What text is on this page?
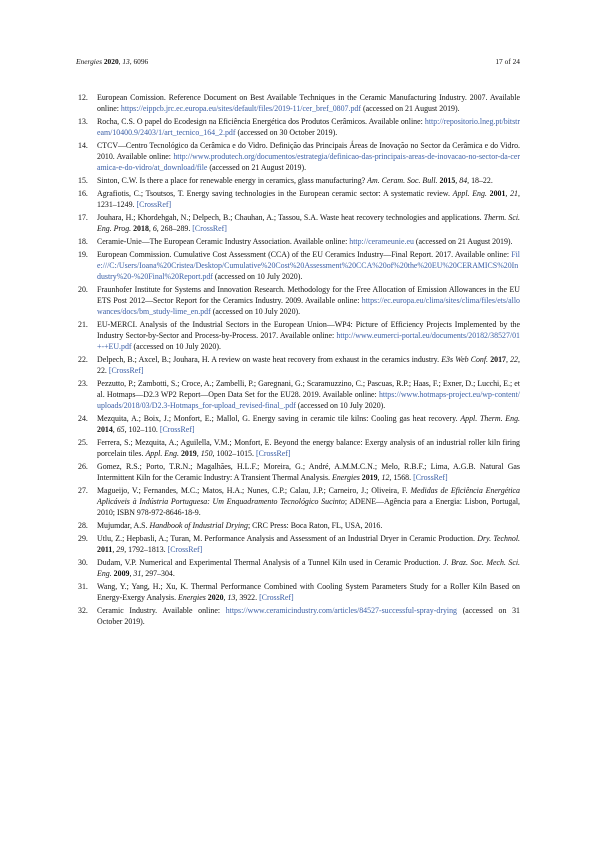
Energies 2020, 13, 6096	17 of 24
12.	European Comission. Reference Document on Best Available Techniques in the Ceramic Manufacturing Industry. 2007. Available online: https://eippcb.jrc.ec.europa.eu/sites/default/files/2019-11/cer_bref_0807.pdf (accessed on 21 August 2019).
13.	Rocha, C.S. O papel do Ecodesign na Eficiência Energética dos Produtos Cerâmicos. Available online: http://repositorio.lneg.pt/bitstream/10400.9/2403/1/art_tecnico_164_2.pdf (accessed on 30 October 2019).
14.	CTCV—Centro Tecnológico da Cerâmica e do Vidro. Definição das Principais Áreas de Inovação no Sector da Cerâmica e do Vidro. 2010. Available online: http://www.produtech.org/documentos/estrategia/definicao-das-principais-areas-de-inovacao-no-sector-da-ceramica-e-do-vidro/at_download/file (accessed on 21 August 2019).
15.	Sinton, C.W. Is there a place for renewable energy in ceramics, glass manufacturing? Am. Ceram. Soc. Bull. 2015, 84, 18–22.
16.	Agrafiotis, C.; Tsoutsos, T. Energy saving technologies in the European ceramic sector: A systematic review. Appl. Eng. 2001, 21, 1231–1249. [CrossRef]
17.	Jouhara, H.; Khordehgah, N.; Delpech, B.; Chauhan, A.; Tassou, S.A. Waste heat recovery technologies and applications. Therm. Sci. Eng. Prog. 2018, 6, 268–289. [CrossRef]
18.	Ceramie-Unie—The European Ceramic Industry Association. Available online: http://cerameunie.eu (accessed on 21 August 2019).
19.	European Commission. Cumulative Cost Assessment (CCA) of the EU Ceramics Industry—Final Report. 2017. Available online: File:///C:/Users/Ioana%20Cristea/Desktop/Cumulative%20Cost%20Assessment%20CCA%20of%20the%20EU%20CERAMICS%20Industry%20-%20Final%20Report.pdf (accessed on 10 July 2020).
20.	Fraunhofer Institute for Systems and Innovation Research. Methodology for the Free Allocation of Emission Allowances in the EU ETS Post 2012—Sector Report for the Ceramics Industry. 2009. Available online: https://ec.europa.eu/clima/sites/clima/files/ets/allowances/docs/bm_study-lime_en.pdf (accessed on 10 July 2020).
21.	EU-MERCI. Analysis of the Industrial Sectors in the European Union—WP4: Picture of Efficiency Projects Implemented by the Industry Sector-by-Sector and Process-by-Process. 2017. Available online: http://www.eumerci-portal.eu/documents/20182/38527/01+-+EU.pdf (accessed on 10 July 2020).
22.	Delpech, B.; Axcel, B.; Jouhara, H. A review on waste heat recovery from exhaust in the ceramics industry. E3s Web Conf. 2017, 22, 22. [CrossRef]
23.	Pezzutto, P.; Zambotti, S.; Croce, A.; Zambelli, P.; Garegnani, G.; Scaramuzzino, C.; Pascuas, R.P.; Haas, F.; Exner, D.; Lucchi, E.; et al. Hotmaps—D2.3 WP2 Report—Open Data Set for the EU28. 2019. Available online: https://www.hotmaps-project.eu/wp-content/uploads/2018/03/D2.3-Hotmaps_for-upload_revised-final_.pdf (accessed on 10 July 2020).
24.	Mezquita, A.; Boix, J.; Monfort, E.; Mallol, G. Energy saving in ceramic tile kilns: Cooling gas heat recovery. Appl. Therm. Eng. 2014, 65, 102–110. [CrossRef]
25.	Ferrera, S.; Mezquita, A.; Aguilella, V.M.; Monfort, E. Beyond the energy balance: Exergy analysis of an industrial roller kiln firing porcelain tiles. Appl. Eng. 2019, 150, 1002–1015. [CrossRef]
26.	Gomez, R.S.; Porto, T.R.N.; Magalhães, H.L.F.; Moreira, G.; André, A.M.M.C.N.; Melo, R.B.F.; Lima, A.G.B. Natural Gas Intermittent Kiln for the Ceramic Industry: A Transient Thermal Analysis. Energies 2019, 12, 1568. [CrossRef]
27.	Magueijo, V.; Fernandes, M.C.; Matos, H.A.; Nunes, C.P.; Calau, J.P.; Carneiro, J.; Oliveira, F. Medidas de Eficiência Energética Aplicáveis à Indústria Portuguesa: Um Enquadramento Tecnológico Sucinto; ADENE—Agência para a Energia: Lisbon, Portugal, 2010; ISBN 978-972-8646-18-9.
28.	Mujumdar, A.S. Handbook of Industrial Drying; CRC Press: Boca Raton, FL, USA, 2016.
29.	Utlu, Z.; Hepbasli, A.; Turan, M. Performance Analysis and Assessment of an Industrial Dryer in Ceramic Production. Dry. Technol. 2011, 29, 1792–1813. [CrossRef]
30.	Dudam, V.P. Numerical and Experimental Thermal Analysis of a Tunnel Kiln used in Ceramic Production. J. Braz. Soc. Mech. Sci. Eng. 2009, 31, 297–304.
31.	Wang, Y.; Yang, H.; Xu, K. Thermal Performance Combined with Cooling System Parameters Study for a Roller Kiln Based on Energy-Exergy Analysis. Energies 2020, 13, 3922. [CrossRef]
32.	Ceramic Industry. Available online: https://www.ceramicindustry.com/articles/84527-successful-spray-drying (accessed on 31 October 2019).
